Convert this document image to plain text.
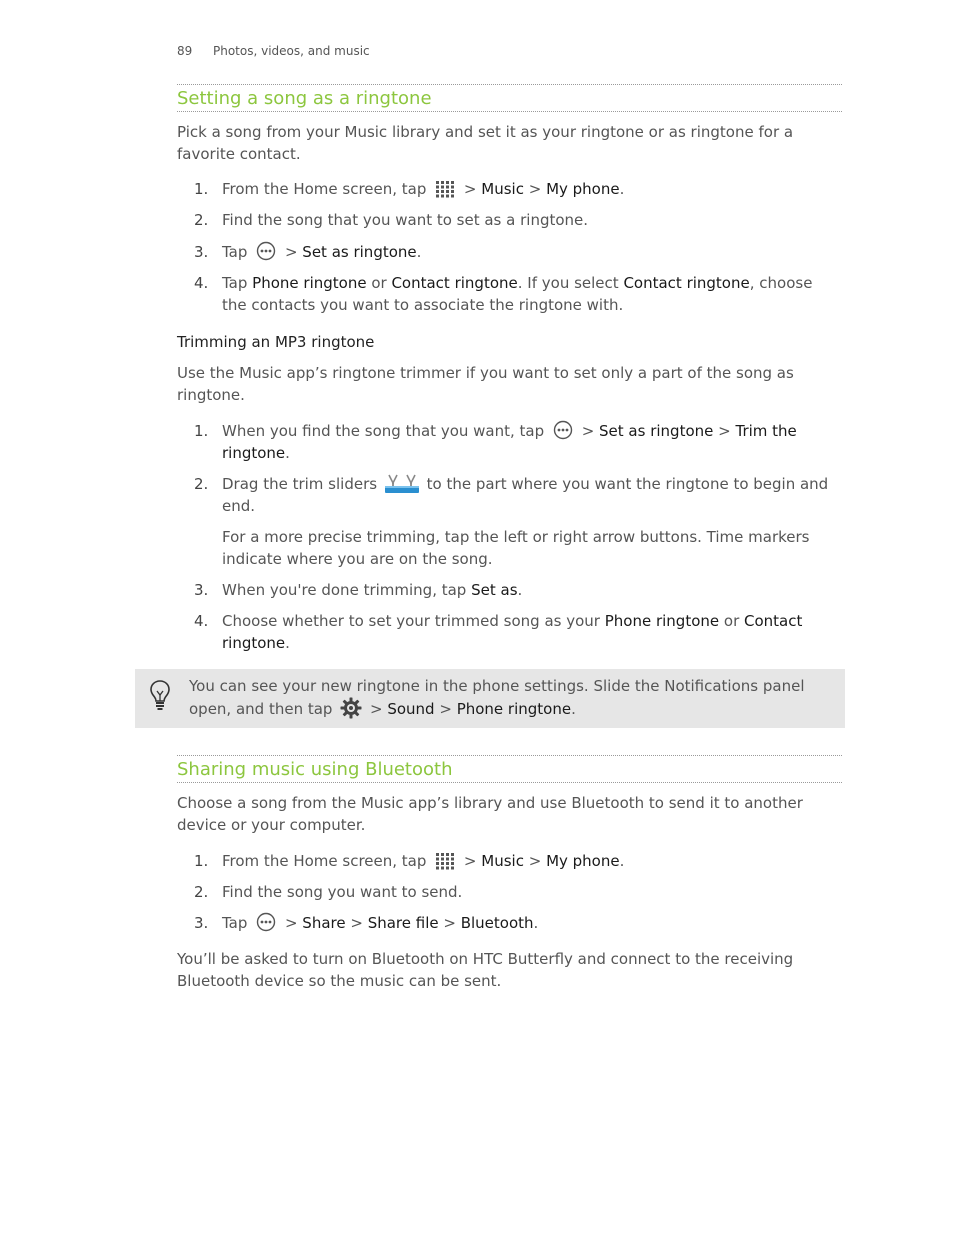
89 Photos, videos, and music
Setting a song as a ringtone
Pick a song from your Music library and set it as your ringtone or as ringtone for a favorite contact.
1. From the Home screen, tap  > Music > My phone.
2. Find the song that you want to set as a ringtone.
3. Tap  > Set as ringtone.
4. Tap Phone ringtone or Contact ringtone. If you select Contact ringtone, choose
the contacts you want to associate the ringtone with.
Trimming an MP3 ringtone
Use the Music app’s ringtone trimmer if you want to set only a part of the song as ringtone.
1. When you find the song that you want, tap  > Set as ringtone > Trim the
ringtone.
2. Drag the trim sliders	to the part where you want the ringtone to begin and
end.
For a more precise trimming, tap the left or right arrow buttons. Time markers indicate where you are on the song.
3. When you're done trimming, tap Set as.
4. Choose whether to set your trimmed song as your Phone ringtone or Contact
ringtone.
You can see your new ringtone in the phone settings. Slide the Notifications panel
open, and then tap  > Sound > Phone ringtone.
Sharing music using Bluetooth
Choose a song from the Music app’s library and use Bluetooth to send it to another device or your computer.
1. From the Home screen, tap  > Music > My phone.
2. Find the song you want to send.
3. Tap  > Share > Share file > Bluetooth.
You’ll be asked to turn on Bluetooth on HTC Butterfly and connect to the receiving Bluetooth device so the music can be sent.
